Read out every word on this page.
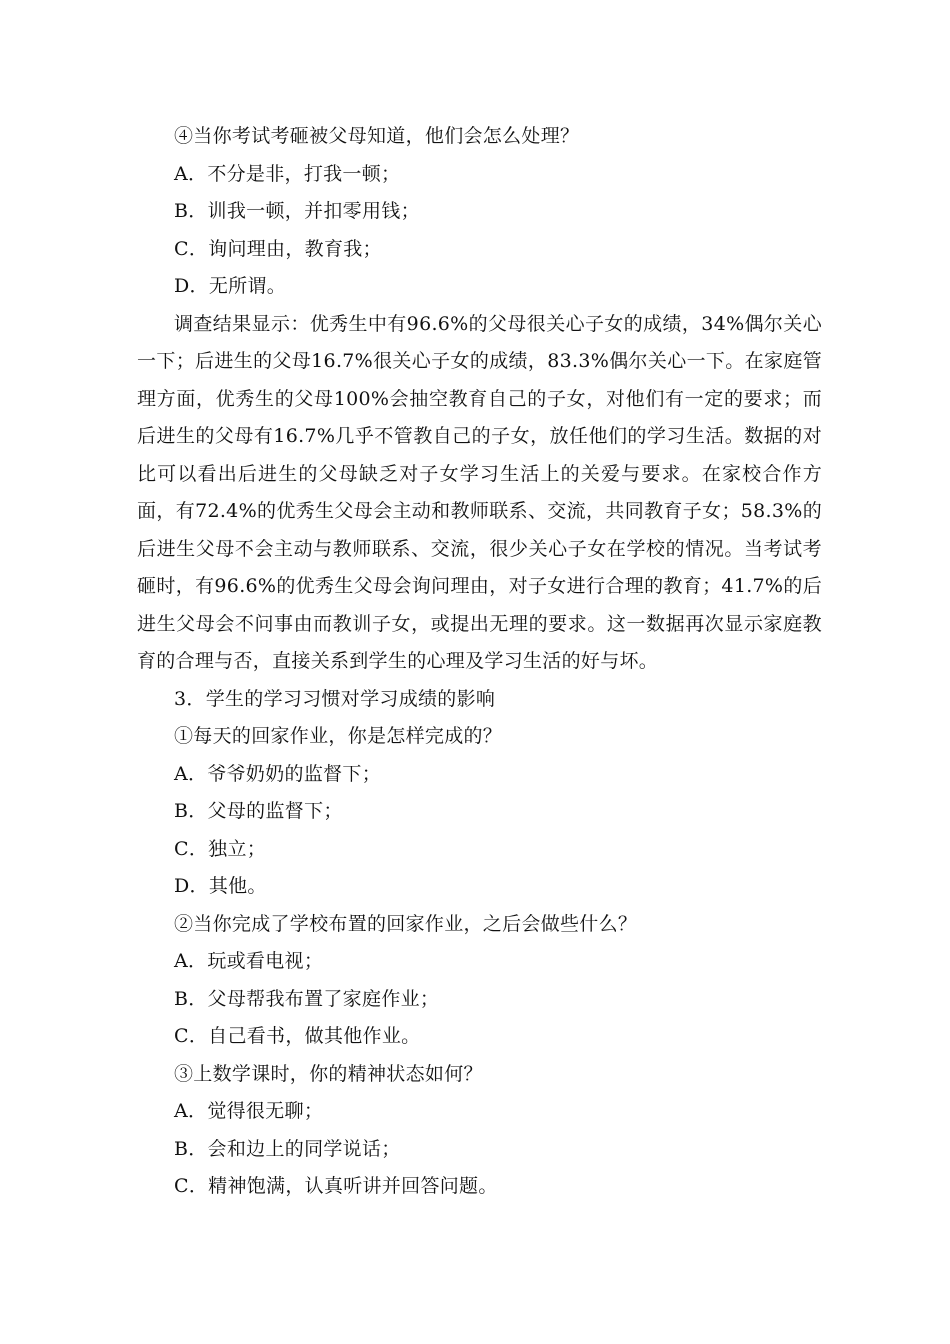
④当你考试考砸被父母知道，他们会怎么处理？
A．不分是非，打我一顿；
B．训我一顿，并扣零用钱；
C．询问理由，教育我；
D．无所谓。

调查结果显示：优秀生中有96.6%的父母很关心子女的成绩，34%偶尔关心一下；后进生的父母16.7%很关心子女的成绩，83.3%偶尔关心一下。在家庭管理方面，优秀生的父母100%会抽空教育自己的子女，对他们有一定的要求；而后进生的父母有16.7%几乎不管教自己的子女，放任他们的学习生活。数据的对比可以看出后进生的父母缺乏对子女学习生活上的关爱与要求。在家校合作方面，有72.4%的优秀生父母会主动和教师联系、交流，共同教育子女；58.3%的后进生父母不会主动与教师联系、交流，很少关心子女在学校的情况。当考试考砸时，有96.6%的优秀生父母会询问理由，对子女进行合理的教育；41.7%的后进生父母会不问事由而教训子女，或提出无理的要求。这一数据再次显示家庭教育的合理与否，直接关系到学生的心理及学习生活的好与坏。

3．学生的学习习惯对学习成绩的影响
①每天的回家作业，你是怎样完成的？
A．爷爷奶奶的监督下；
B．父母的监督下；
C．独立；
D．其他。
②当你完成了学校布置的回家作业，之后会做些什么？
A．玩或看电视；
B．父母帮我布置了家庭作业；
C．自己看书，做其他作业。
③上数学课时，你的精神状态如何？
A．觉得很无聊；
B．会和边上的同学说话；
C．精神饱满，认真听讲并回答问题。
